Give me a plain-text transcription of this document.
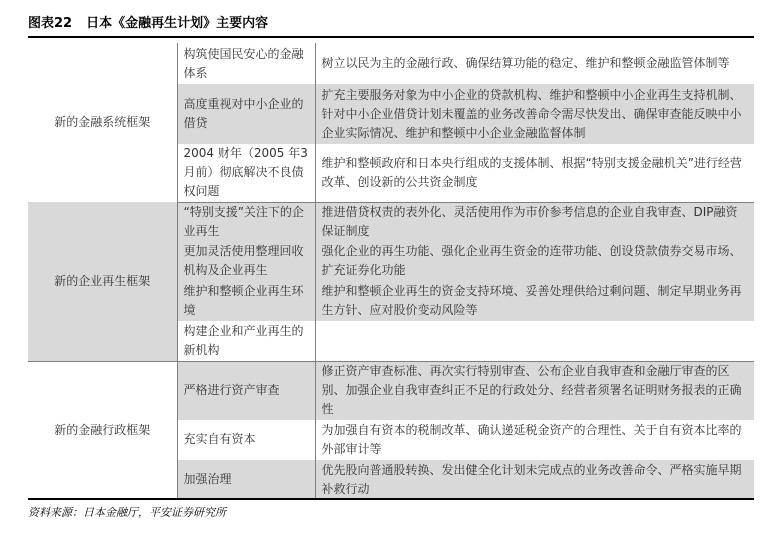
图表22 日本《金融再生计划》主要内容
新的金融系统框架	构筑使国民安心的金融体系	树立以民为主的金融行政、确保结算功能的稳定、维护和整顿金融监管体制等
	高度重视对中小企业的借贷	扩充主要服务对象为中小企业的贷款机构、维护和整顿中小企业再生支持机制、针对中小企业借贷计划未覆盖的业务改善命令需尽快发出、确保审查能反映中小企业实际情况、维护和整顿中小企业金融监督体制
	2004 财年（2005 年3 月前）彻底解决不良债权问题	维护和整顿政府和日本央行组成的支援体制、根据“特别支援金融机关”进行经营改革、创设新的公共资金制度
新的企业再生框架	“特别支援”关注下的企业再生	推进借贷权责的表外化、灵活使用作为市价参考信息的企业自我审查、DIP融资保证制度
	更加灵活使用整理回收机构及企业再生	强化企业的再生功能、强化企业再生资金的连带功能、创设贷款债券交易市场、扩充证券化功能
	维护和整顿企业再生环境	维护和整顿企业再生的资金支持环境、妥善处理供给过剩问题、制定早期业务再生方针、应对股价变动风险等
	构建企业和产业再生的新机构	
新的金融行政框架	严格进行资产审查	修正资产审查标准、再次实行特别审查、公布企业自我审查和金融厅审查的区别、加强企业自我审查纠正不足的行政处分、经营者须署名证明财务报表的正确性
	充实自有资本	为加强自有资本的税制改革、确认递延税金资产的合理性、关于自有资本比率的外部审计等
	加强治理	优先股向普通股转换、发出健全化计划未完成点的业务改善命令、严格实施早期补救行动
资料来源：日本金融厅，平安证券研究所
